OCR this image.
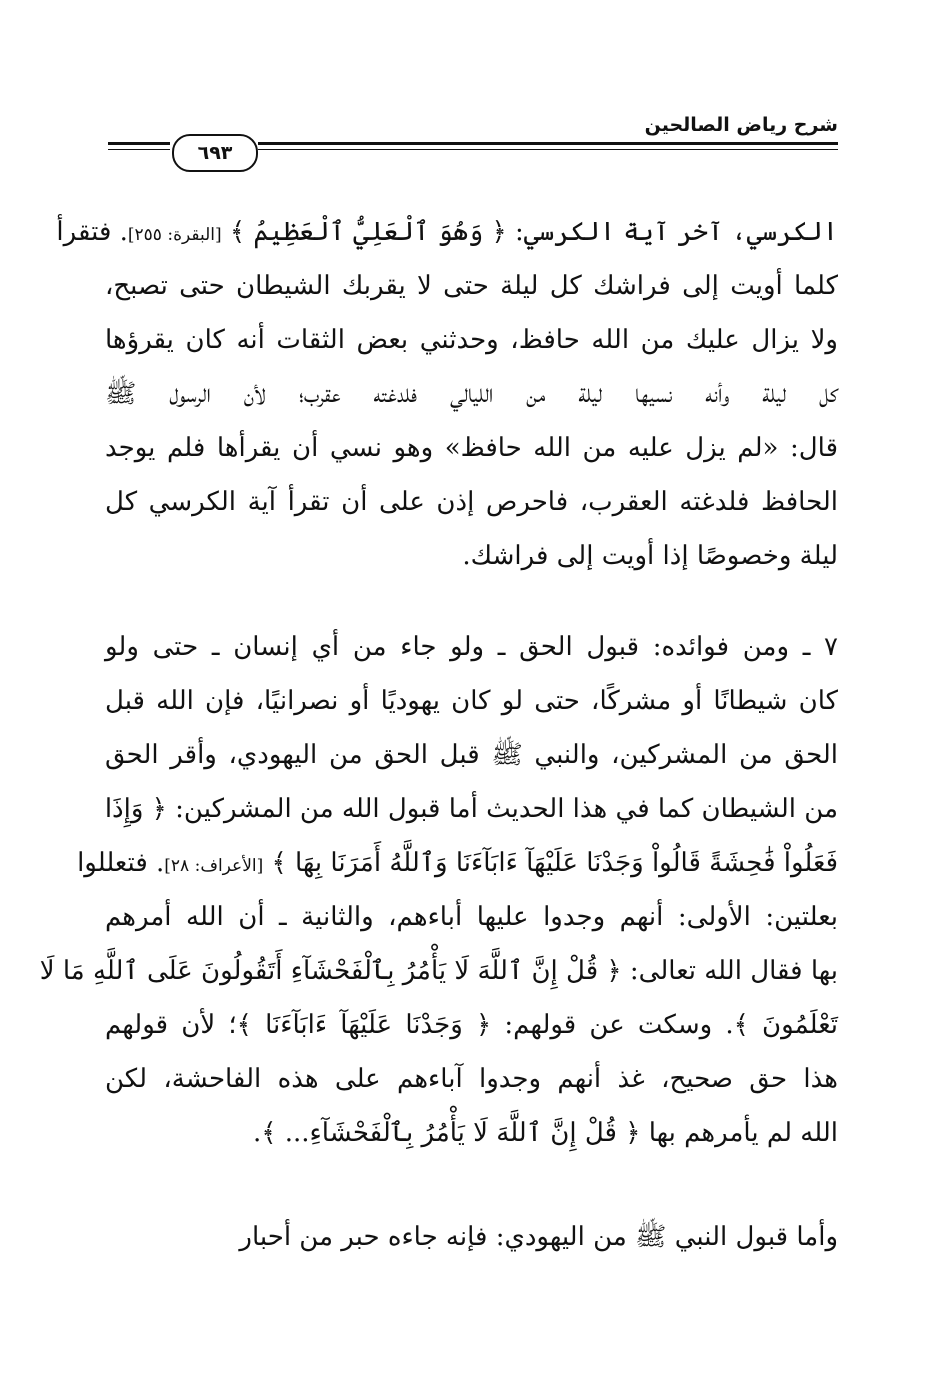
شرح رياض الصالحين
٦٩٣
الكرسي، آخر آية الكرسي: ﴿ وَهُوَ ٱلْعَلِيُّ ٱلْعَظِيمُ ﴾ [البقرة: ٢٥٥]. فتقرأ
كلما أويت إلى فراشك كل ليلة حتى لا يقربك الشيطان حتى تصبح،
ولا يزال عليك من الله حافظ، وحدثني بعض الثقات أنه كان يقرؤها
كل ليلة وأنه نسيها ليلة من الليالي فلدغته عقرب؛ لأن الرسول ﷺ
قال: «لم يزل عليه من الله حافظ» وهو نسي أن يقرأها فلم يوجد
الحافظ فلدغته العقرب، فاحرص إذن على أن تقرأ آية الكرسي كل
ليلة وخصوصًا إذا أويت إلى فراشك.
٧ ـ ومن فوائده: قبول الحق ـ ولو جاء من أي إنسان ـ حتى ولو
كان شيطانًا أو مشركًا، حتى لو كان يهوديًا أو نصرانيًا، فإن الله قبل
الحق من المشركين، والنبي ﷺ قبل الحق من اليهودي، وأقر الحق
من الشيطان كما في هذا الحديث أما قبول الله من المشركين: ﴿ وَإِذَا
فَعَلُواْ فَٰحِشَةً قَالُواْ وَجَدْنَا عَلَيْهَآ ءَابَآءَنَا وَٱللَّهُ أَمَرَنَا بِهَا ﴾ [الأعراف: ٢٨]. فتعللوا
بعلتين: الأولى: أنهم وجدوا عليها أباءهم، والثانية ـ أن الله أمرهم
بها فقال الله تعالى: ﴿ قُلْ إِنَّ ٱللَّهَ لَا يَأْمُرُ بِٱلْفَحْشَآءِ أَتَقُولُونَ عَلَى ٱللَّهِ مَا لَا
تَعْلَمُونَ ﴾. وسكت عن قولهم: ﴿ وَجَدْنَا عَلَيْهَآ ءَابَآءَنَا ﴾؛ لأن قولهم
هذا حق صحيح، غذ أنهم وجدوا آباءهم على هذه الفاحشة، لكن
الله لم يأمرهم بها ﴿ قُلْ إِنَّ ٱللَّهَ لَا يَأْمُرُ بِٱلْفَحْشَآءِ... ﴾.
وأما قبول النبي ﷺ من اليهودي: فإنه جاءه حبر من أحبار
